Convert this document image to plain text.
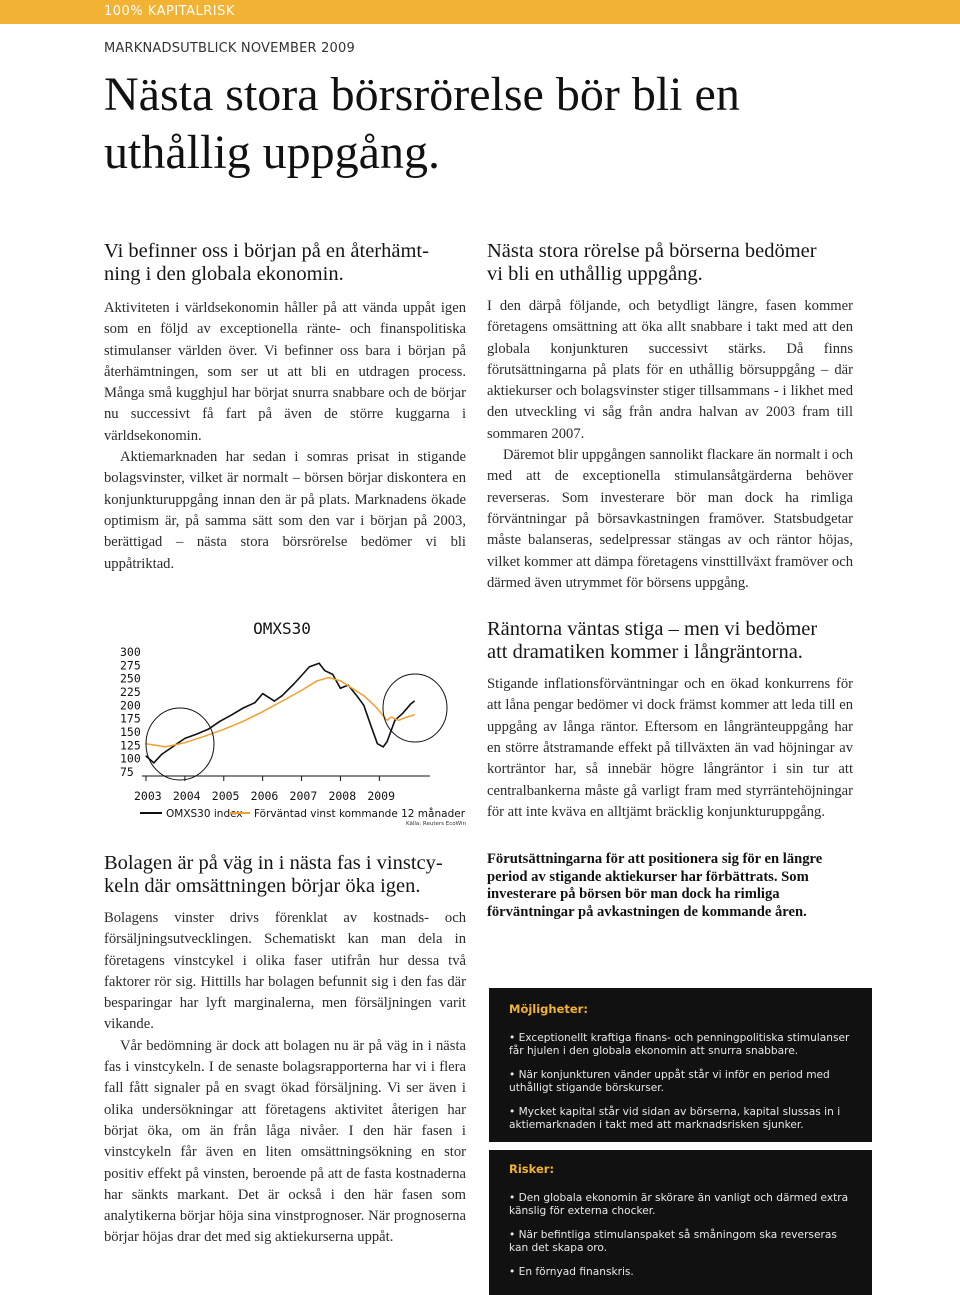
100% KAPITALRISK
MARKNADSUTBLICK NOVEMBER 2009
Nästa stora börsrörelse bör bli en
uthållig uppgång.
Vi befinner oss i början på en återhämt-
ning i den globala ekonomin.

Aktiviteten i världsekonomin håller på att vända uppåt igen som en följd av exceptionella ränte- och finanspolitiska stimulanser världen över. Vi befinner oss bara i början på återhämtningen, som ser ut att bli en utdragen process. Många små kugghjul har börjat snurra snabbare och de börjar nu successivt få fart på även de större kuggarna i världsekonomin.

Aktiemarknaden har sedan i somras prisat in stigande bolagsvinster, vilket är normalt – börsen börjar diskontera en konjunkturuppgång innan den är på plats. Marknadens ökade optimism är, på samma sätt som den var i början på 2003, berättigad – nästa stora börsrörelse bedömer vi bli uppåtriktad.

OMXS30
300
275
250
225
200
175
150
125
100
75
2003 2004 2005 2006 2007 2008 2009
OMXS30 index Förväntad vinst kommande 12 månader
Källa: Reuters EcoWin
Bolagen är på väg in i nästa fas i vinstcy-
keln där omsättningen börjar öka igen.

Bolagens vinster drivs förenklat av kostnads- och försäljningsutvecklingen. Schematiskt kan man dela in företagens vinstcykel i olika faser utifrån hur dessa två faktorer rör sig. Hittills har bolagen befunnit sig i den fas där besparingar har lyft marginalerna, men försäljningen varit vikande.

Vår bedömning är dock att bolagen nu är på väg in i nästa fas i vinstcykeln. I de senaste bolagsrapporterna har vi i flera fall fått signaler på en svagt ökad försäljning. Vi ser även i olika undersökningar att företagens aktivitet återigen har börjat öka, om än från låga nivåer. I den här fasen i vinstcykeln får även en liten omsättningsökning en stor positiv effekt på vinsten, beroende på att de fasta kostnaderna har sänkts markant. Det är också i den här fasen som analytikerna börjar höja sina vinstprognoser. När prognoserna börjar höjas drar det med sig aktiekurserna uppåt.

Nästa stora rörelse på börserna bedömer
vi bli en uthållig uppgång.

I den därpå följande, och betydligt längre, fasen kommer företagens omsättning att öka allt snabbare i takt med att den globala konjunkturen successivt stärks. Då finns förutsättningarna på plats för en uthållig börsuppgång – där aktiekurser och bolagsvinster stiger tillsammans - i likhet med den utveckling vi såg från andra halvan av 2003 fram till sommaren 2007.

Däremot blir uppgången sannolikt flackare än normalt i och med att de exceptionella stimulansåtgärderna behöver reverseras. Som investerare bör man dock ha rimliga förväntningar på börsavkastningen framöver. Statsbudgetar måste balanseras, sedelpressar stängas av och räntor höjas, vilket kommer att dämpa företagens vinsttillväxt framöver och därmed även utrymmet för börsens uppgång.

Räntorna väntas stiga – men vi bedömer
att dramatiken kommer i långräntorna.

Stigande inflationsförväntningar och en ökad konkurrens för att låna pengar bedömer vi dock främst kommer att leda till en uppgång av långa räntor. Eftersom en långränteuppgång har en större åtstramande effekt på tillväxten än vad höjningar av korträntor har, så innebär högre långräntor i sin tur att centralbankerna måste gå varligt fram med styrräntehöjningar för att inte kväva en alltjämt bräcklig konjunkturuppgång.

Förutsättningarna för att positionera sig för en längre period av stigande aktiekurser har förbättrats. Som investerare på börsen bör man dock ha rimliga förväntningar på avkastningen de kommande åren.

Möjligheter:
• Exceptionellt kraftiga finans- och penningpolitiska stimulanser får hjulen i den globala ekonomin att snurra snabbare.
• När konjunkturen vänder uppåt står vi inför en period med uthålligt stigande börskurser.
• Mycket kapital står vid sidan av börserna, kapital slussas in i aktiemarknaden i takt med att marknadsrisken sjunker.
Risker:
• Den globala ekonomin är skörare än vanligt och därmed extra känslig för externa chocker.
• När befintliga stimulanspaket så småningom ska reverseras kan det skapa oro.
• En förnyad finanskris.
